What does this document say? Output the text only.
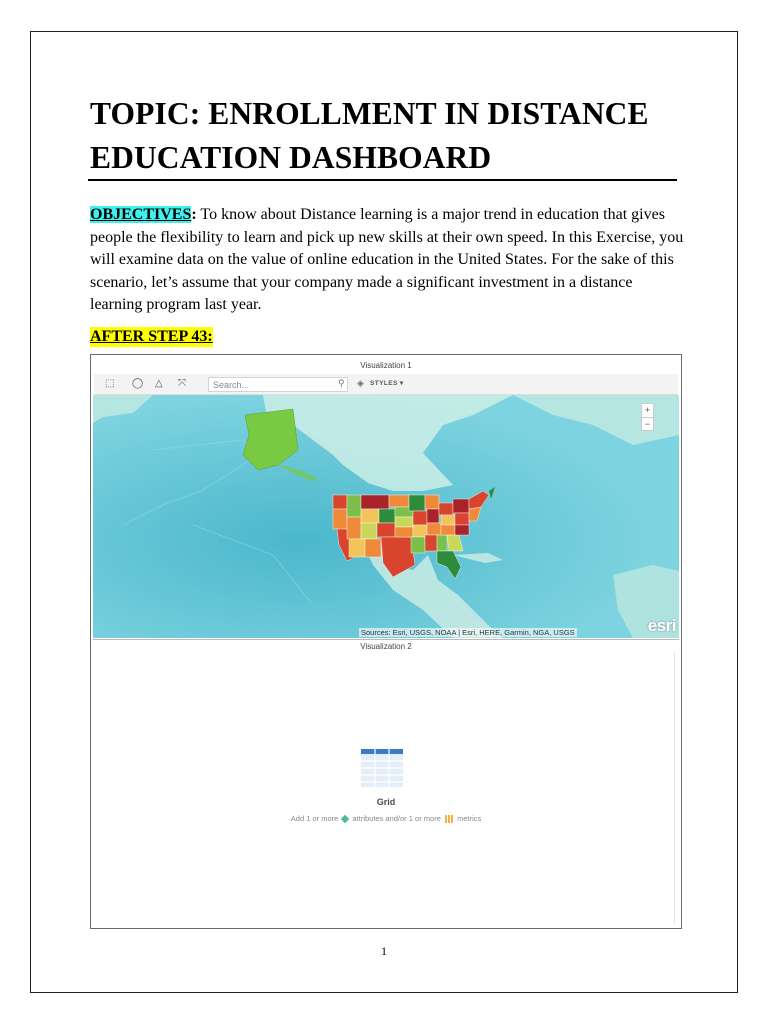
TOPIC: ENROLLMENT IN DISTANCE
EDUCATION DASHBOARD

OBJECTIVES: To know about Distance learning is a major trend in education that gives people the flexibility to learn and pick up new skills at their own speed. In this Exercise, you will examine data on the value of online education in the United States. For the sake of this scenario, let’s assume that your company made a significant investment in a distance learning program last year.

AFTER STEP 43:
Visualization 1
⬚ ◯ △ ⤧
Search...	⚲ ◈ STYLES ▾
+
−
Sources: Esri, USGS, NOAA | Esri, HERE, Garmin, NGA, USGS	esri
Visualization 2
Grid
Add 1 or more attributes and/or 1 or more metrics
1
